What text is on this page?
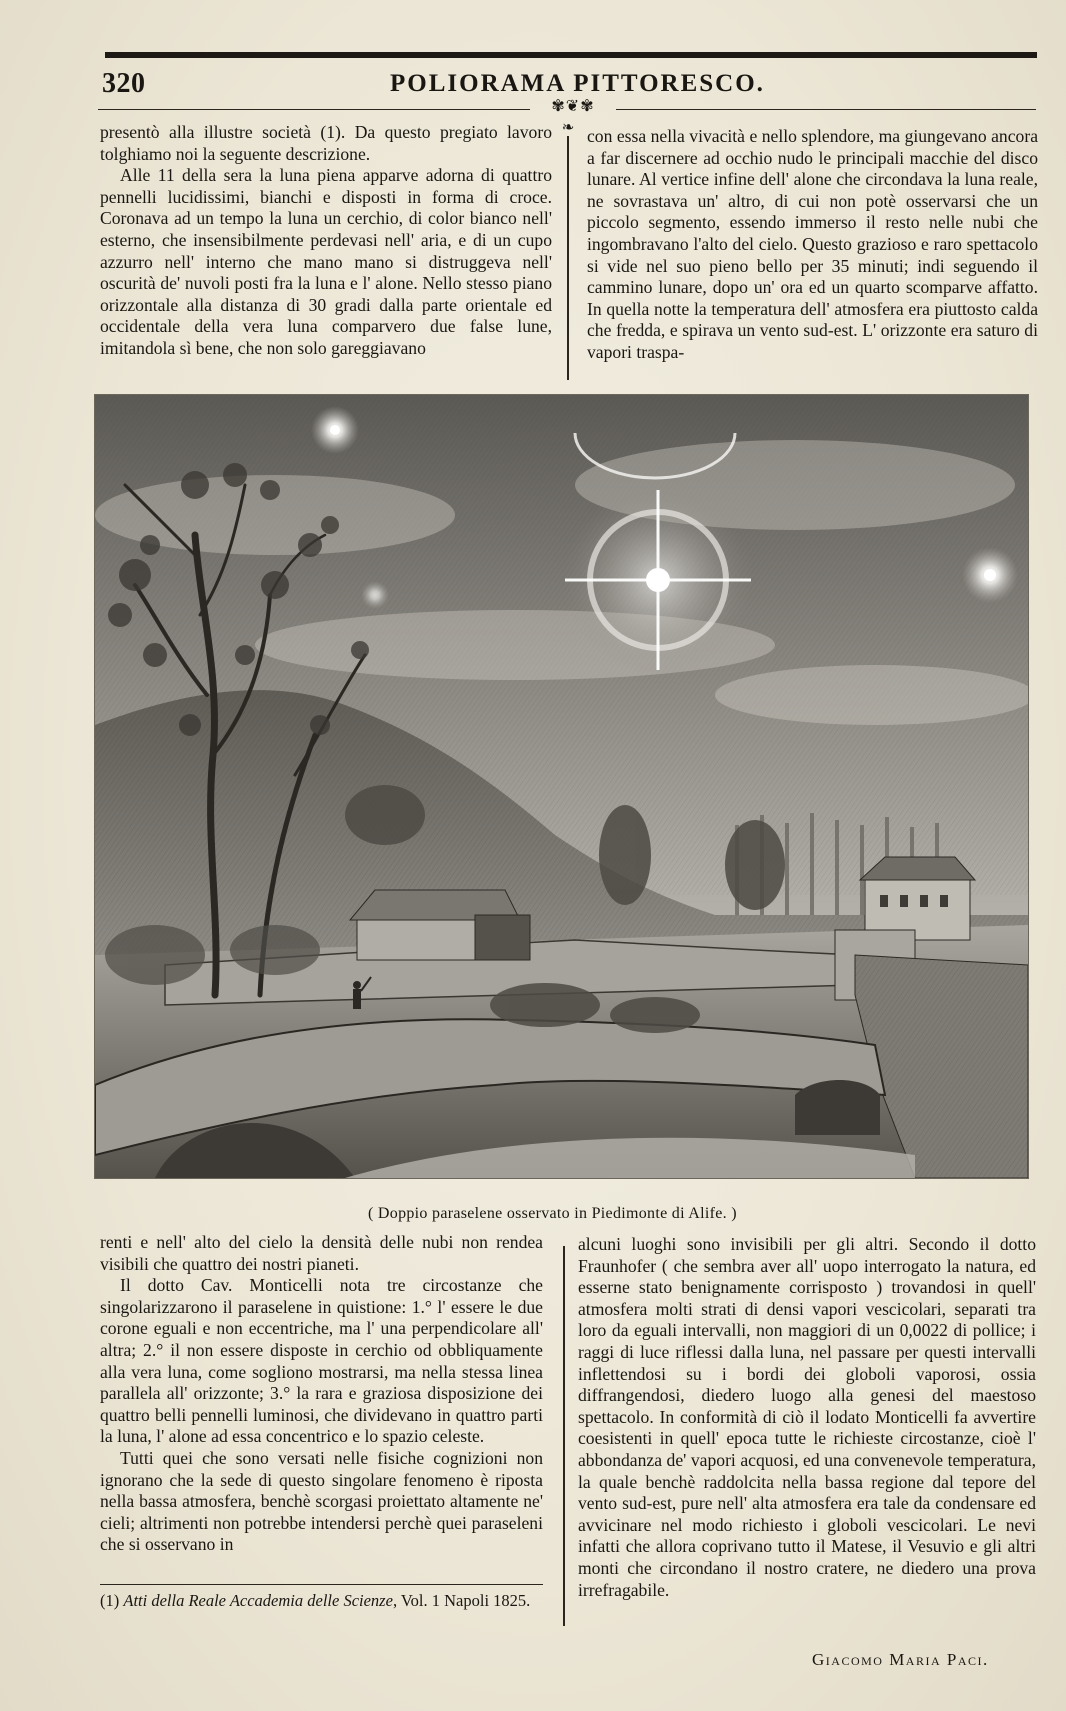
320	POLIORAMA PITTORESCO.
✾❦✾

presentò alla illustre società (1). Da questo pregiato lavoro tolghiamo noi la seguente descrizione.

Alle 11 della sera la luna piena apparve adorna di quattro pennelli lucidissimi, bianchi e disposti in forma di croce. Coronava ad un tempo la luna un cerchio, di color bianco nell' esterno, che insensibilmente perdevasi nell' aria, e di un cupo azzurro nell' interno che mano mano si distruggeva nell' oscurità de' nuvoli posti fra la luna e l' alone. Nello stesso piano orizzontale alla distanza di 30 gradi dalla parte orientale ed occidentale della vera luna comparvero due false lune, imitandola sì bene, che non solo gareggiavano

❧ con essa nella vivacità e nello splendore, ma giungevano ancora a far discernere ad occhio nudo le principali macchie del disco lunare. Al vertice infine dell' alone che circondava la luna reale, ne sovrastava un' altro, di cui non potè osservarsi che un piccolo segmento, essendo immerso il resto nelle nubi che ingombravano l'alto del cielo. Questo grazioso e raro spettacolo si vide nel suo pieno bello per 35 minuti; indi seguendo il cammino lunare, dopo un' ora ed un quarto scomparve affatto. In quella notte la temperatura dell' atmosfera era piuttosto calda che fredda, e spirava un vento sud-est. L' orizzonte era saturo di vapori traspa-

( Doppio paraselene osservato in Piedimonte di Alife. )

renti e nell' alto del cielo la densità delle nubi non rendea visibili che quattro dei nostri pianeti.

Il dotto Cav. Monticelli nota tre circostanze che singolarizzarono il paraselene in quistione: 1.° l' essere le due corone eguali e non eccentriche, ma l' una perpendicolare all' altra; 2.° il non essere disposte in cerchio od obbliquamente alla vera luna, come sogliono mostrarsi, ma nella stessa linea parallela all' orizzonte; 3.° la rara e graziosa disposizione dei quattro belli pennelli luminosi, che dividevano in quattro parti la luna, l' alone ad essa concentrico e lo spazio celeste.

Tutti quei che sono versati nelle fisiche cognizioni non ignorano che la sede di questo singolare fenomeno è riposta nella bassa atmosfera, benchè scorgasi proiettato altamente ne' cieli; altrimenti non potrebbe intendersi perchè quei paraseleni che si osservano in

alcuni luoghi sono invisibili per gli altri. Secondo il dotto Fraunhofer ( che sembra aver all' uopo interrogato la natura, ed esserne stato benignamente corrisposto ) trovandosi in quell' atmosfera molti strati di densi vapori vescicolari, separati tra loro da eguali intervalli, non maggiori di un 0,0022 di pollice; i raggi di luce riflessi dalla luna, nel passare per questi intervalli inflettendosi su i bordi dei globoli vaporosi, ossia diffrangendosi, diedero luogo alla genesi del maestoso spettacolo. In conformità di ciò il lodato Monticelli fa avvertire coesistenti in quell' epoca tutte le richieste circostanze, cioè l' abbondanza de' vapori acquosi, ed una convenevole temperatura, la quale benchè raddolcita nella bassa regione dal tepore del vento sud-est, pure nell' alta atmosfera era tale da condensare ed avvicinare nel modo richiesto i globoli vescicolari. Le nevi infatti che allora coprivano tutto il Matese, il Vesuvio e gli altri monti che circondano il nostro cratere, ne diedero una prova irrefragabile.

(1) Atti della Reale Accademia delle Scienze, Vol. 1 Napoli 1825.
Giacomo Maria Paci.
